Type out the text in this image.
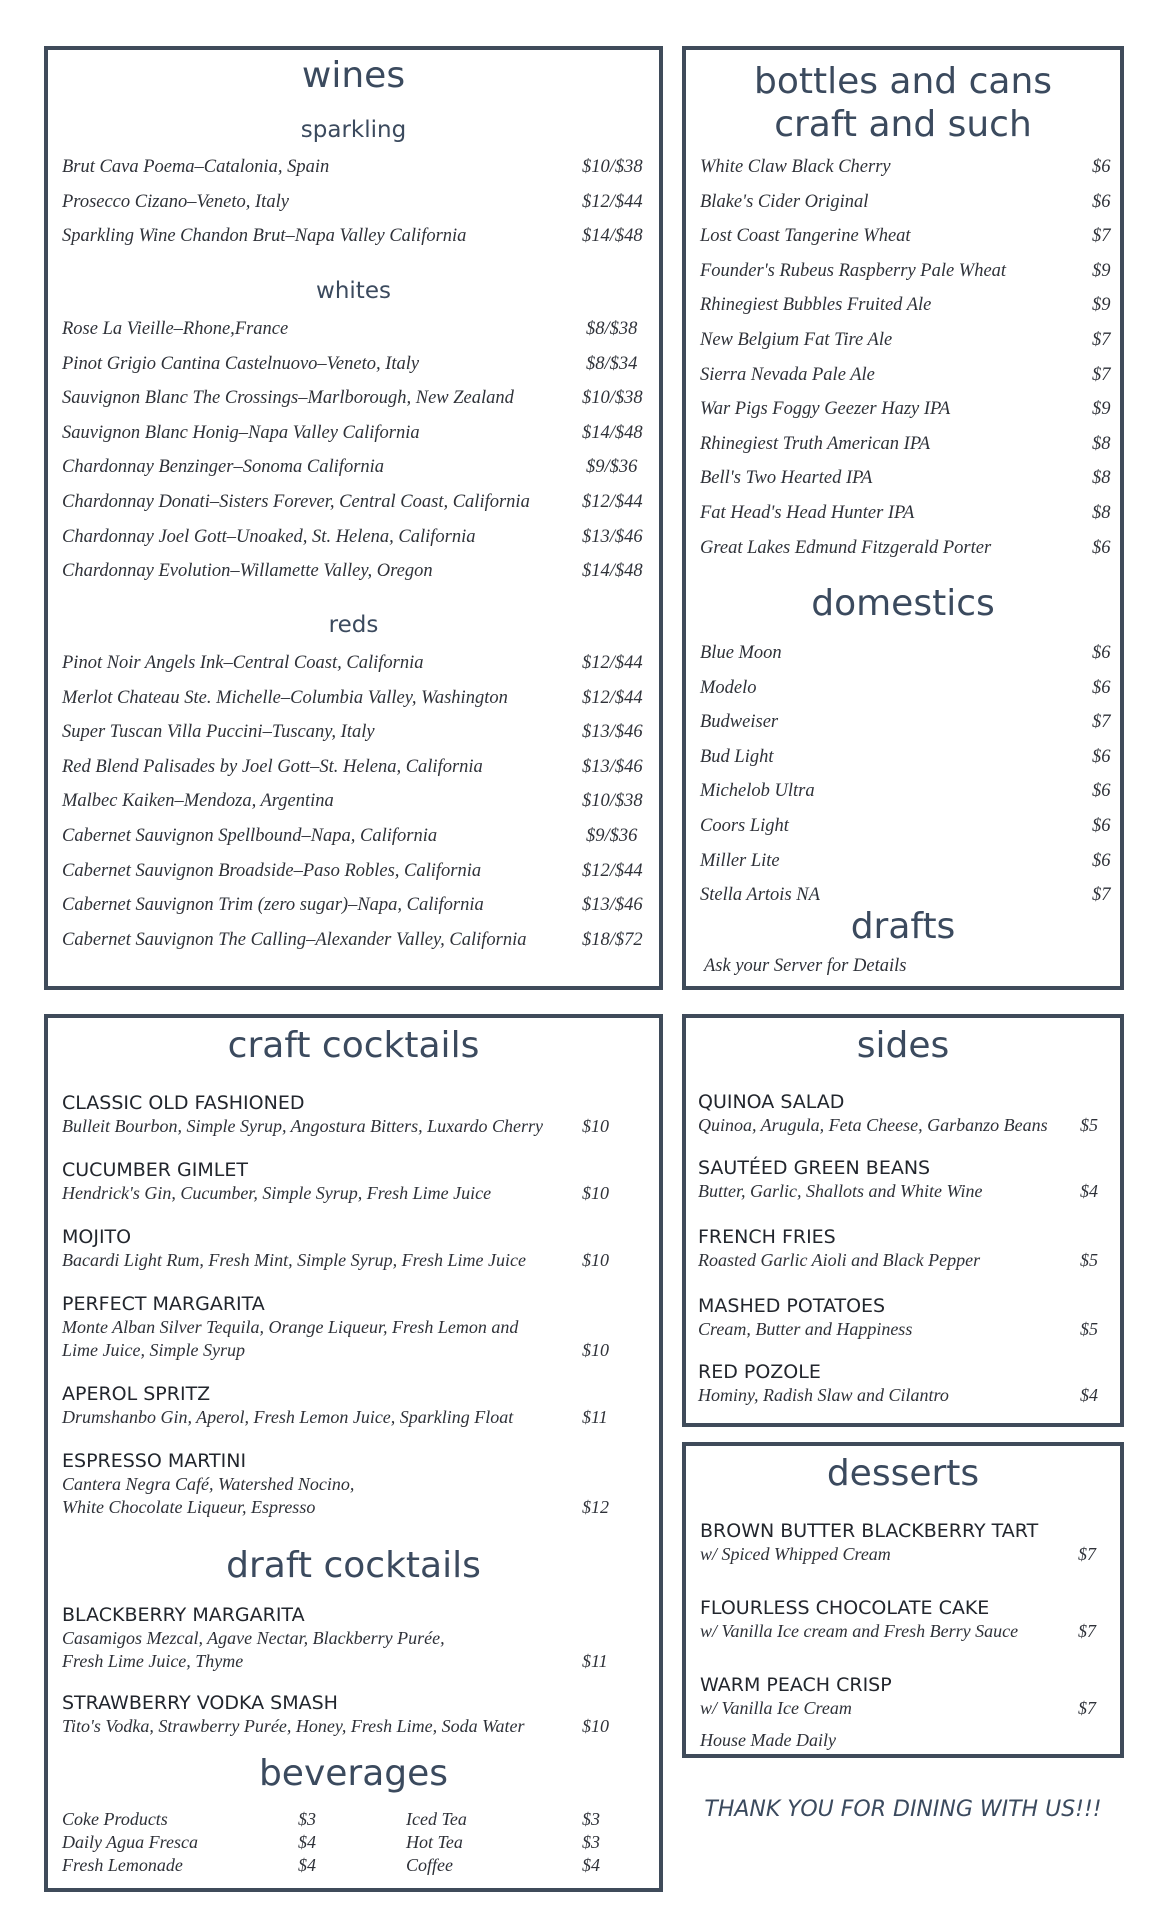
wines
sparkling
Brut Cava Poema–Catalonia, Spain	$10/$38
Prosecco Cizano–Veneto, Italy	$12/$44
Sparkling Wine Chandon Brut–Napa Valley California	$14/$48
whites
Rose La Vieille–Rhone,France	$8/$38
Pinot Grigio Cantina Castelnuovo–Veneto, Italy	$8/$34
Sauvignon Blanc The Crossings–Marlborough, New Zealand	$10/$38
Sauvignon Blanc Honig–Napa Valley California	$14/$48
Chardonnay Benzinger–Sonoma California	$9/$36
Chardonnay Donati–Sisters Forever, Central Coast, California	$12/$44
Chardonnay Joel Gott–Unoaked, St. Helena, California	$13/$46
Chardonnay Evolution–Willamette Valley, Oregon	$14/$48
reds
Pinot Noir Angels Ink–Central Coast, California	$12/$44
Merlot Chateau Ste. Michelle–Columbia Valley, Washington	$12/$44
Super Tuscan Villa Puccini–Tuscany, Italy	$13/$46
Red Blend Palisades by Joel Gott–St. Helena, California	$13/$46
Malbec Kaiken–Mendoza, Argentina	$10/$38
Cabernet Sauvignon Spellbound–Napa, California	$9/$36
Cabernet Sauvignon Broadside–Paso Robles, California	$12/$44
Cabernet Sauvignon Trim (zero sugar)–Napa, California	$13/$46
Cabernet Sauvignon The Calling–Alexander Valley, California	$18/$72
bottles and cans
craft and such
White Claw Black Cherry	$6
Blake's Cider Original	$6
Lost Coast Tangerine Wheat	$7
Founder's Rubeus Raspberry Pale Wheat	$9
Rhinegiest Bubbles Fruited Ale	$9
New Belgium Fat Tire Ale	$7
Sierra Nevada Pale Ale	$7
War Pigs Foggy Geezer Hazy IPA	$9
Rhinegiest Truth American IPA	$8
Bell's Two Hearted IPA	$8
Fat Head's Head Hunter IPA	$8
Great Lakes Edmund Fitzgerald Porter	$6
domestics
Blue Moon	$6
Modelo	$6
Budweiser	$7
Bud Light	$6
Michelob Ultra	$6
Coors Light	$6
Miller Lite	$6
Stella Artois NA	$7
drafts
Ask your Server for Details
craft cocktails
CLASSIC OLD FASHIONED
Bulleit Bourbon, Simple Syrup, Angostura Bitters, Luxardo Cherry $10
CUCUMBER GIMLET
Hendrick's Gin, Cucumber, Simple Syrup, Fresh Lime Juice	$10
MOJITO
Bacardi Light Rum, Fresh Mint, Simple Syrup, Fresh Lime Juice	$10
PERFECT MARGARITA
Monte Alban Silver Tequila, Orange Liqueur, Fresh Lemon and
Lime Juice, Simple Syrup	$10
APEROL SPRITZ
Drumshanbo Gin, Aperol, Fresh Lemon Juice, Sparkling Float	$11
ESPRESSO MARTINI
Cantera Negra Café, Watershed Nocino,
White Chocolate Liqueur, Espresso	$12
draft cocktails
BLACKBERRY MARGARITA
Casamigos Mezcal, Agave Nectar, Blackberry Purée,
Fresh Lime Juice, Thyme	$11
STRAWBERRY VODKA SMASH
Tito's Vodka, Strawberry Purée, Honey, Fresh Lime, Soda Water	$10
beverages
Coke Products	$3
Daily Agua Fresca	$4
Fresh Lemonade	$4
Iced Tea	$3
Hot Tea	$3
Coffee	$4
sides
QUINOA SALAD
Quinoa, Arugula, Feta Cheese, Garbanzo Beans $5
SAUTÉED GREEN BEANS
Butter, Garlic, Shallots and White Wine	$4
FRENCH FRIES
Roasted Garlic Aioli and Black Pepper	$5
MASHED POTATOES
Cream, Butter and Happiness	$5
RED POZOLE
Hominy, Radish Slaw and Cilantro	$4
desserts
BROWN BUTTER BLACKBERRY TART
w/ Spiced Whipped Cream	$7
FLOURLESS CHOCOLATE CAKE
w/ Vanilla Ice cream and Fresh Berry Sauce	$7
WARM PEACH CRISP
w/ Vanilla Ice Cream	$7
House Made Daily
THANK YOU FOR DINING WITH US!!!
